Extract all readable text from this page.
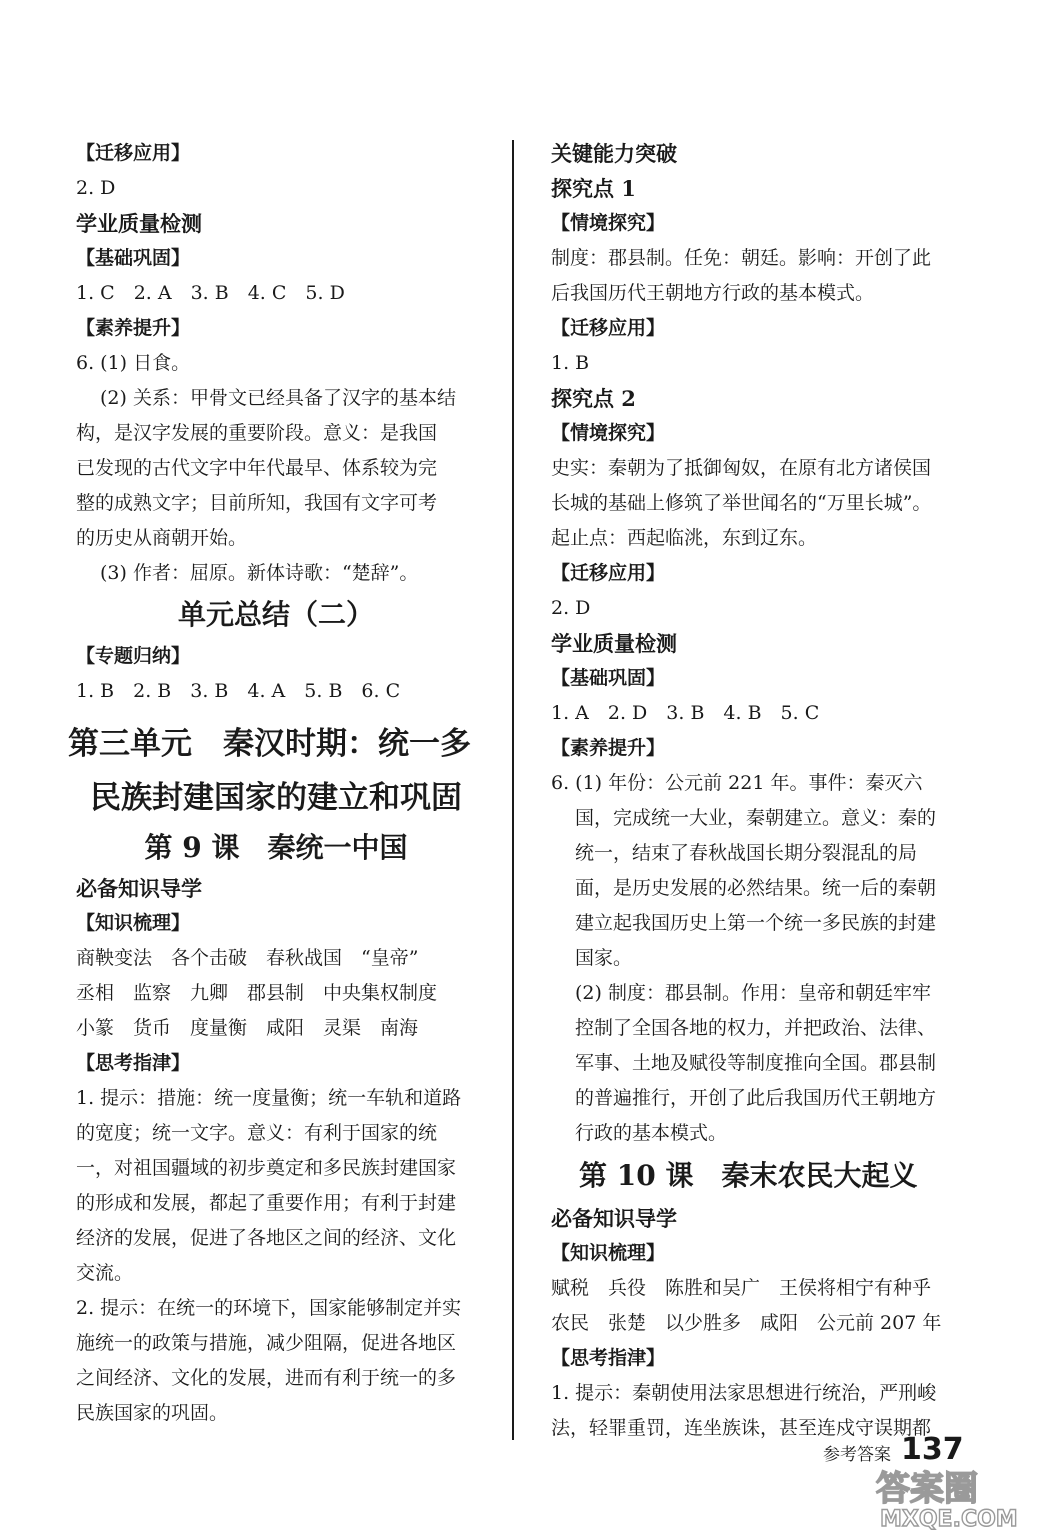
【迁移应用】
2. D
学业质量检测
【基础巩固】
1. C　2. A　3. B　4. C　5. D
【素养提升】
6. (1) 日食。
(2) 关系：甲骨文已经具备了汉字的基本结
构，是汉字发展的重要阶段。意义：是我国
已发现的古代文字中年代最早、体系较为完
整的成熟文字；目前所知，我国有文字可考
的历史从商朝开始。
(3) 作者：屈原。新体诗歌：“楚辞”。
单元总结（二）
【专题归纳】
1. B　2. B　3. B　4. A　5. B　6. C
第三单元　秦汉时期：统一多
民族封建国家的建立和巩固
第 9 课　秦统一中国
必备知识导学
【知识梳理】
商鞅变法　各个击破　春秋战国　“皇帝”
丞相　监察　九卿　郡县制　中央集权制度
小篆　货币　度量衡　咸阳　灵渠　南海
【思考指津】
1. 提示：措施：统一度量衡；统一车轨和道路
的宽度；统一文字。意义：有利于国家的统
一，对祖国疆域的初步奠定和多民族封建国家
的形成和发展，都起了重要作用；有利于封建
经济的发展，促进了各地区之间的经济、文化
交流。
2. 提示：在统一的环境下，国家能够制定并实
施统一的政策与措施，减少阻隔，促进各地区
之间经济、文化的发展，进而有利于统一的多
民族国家的巩固。
关键能力突破
探究点 1
【情境探究】
制度：郡县制。任免：朝廷。影响：开创了此
后我国历代王朝地方行政的基本模式。
【迁移应用】
1. B
探究点 2
【情境探究】
史实：秦朝为了抵御匈奴，在原有北方诸侯国
长城的基础上修筑了举世闻名的“万里长城”。
起止点：西起临洮，东到辽东。
【迁移应用】
2. D
学业质量检测
【基础巩固】
1. A　2. D　3. B　4. B　5. C
【素养提升】
6. (1) 年份：公元前 221 年。事件：秦灭六
国，完成统一大业，秦朝建立。意义：秦的
统一，结束了春秋战国长期分裂混乱的局
面，是历史发展的必然结果。统一后的秦朝
建立起我国历史上第一个统一多民族的封建
国家。
(2) 制度：郡县制。作用：皇帝和朝廷牢牢
控制了全国各地的权力，并把政治、法律、
军事、土地及赋役等制度推向全国。郡县制
的普遍推行，开创了此后我国历代王朝地方
行政的基本模式。
第 10 课　秦末农民大起义
必备知识导学
【知识梳理】
赋税　兵役　陈胜和吴广　王侯将相宁有种乎
农民　张楚　以少胜多　咸阳　公元前 207 年
【思考指津】
1. 提示：秦朝使用法家思想进行统治，严刑峻
法，轻罪重罚，连坐族诛，甚至连戍守误期都
参考答案 137
答案圈
MXQE.COM
